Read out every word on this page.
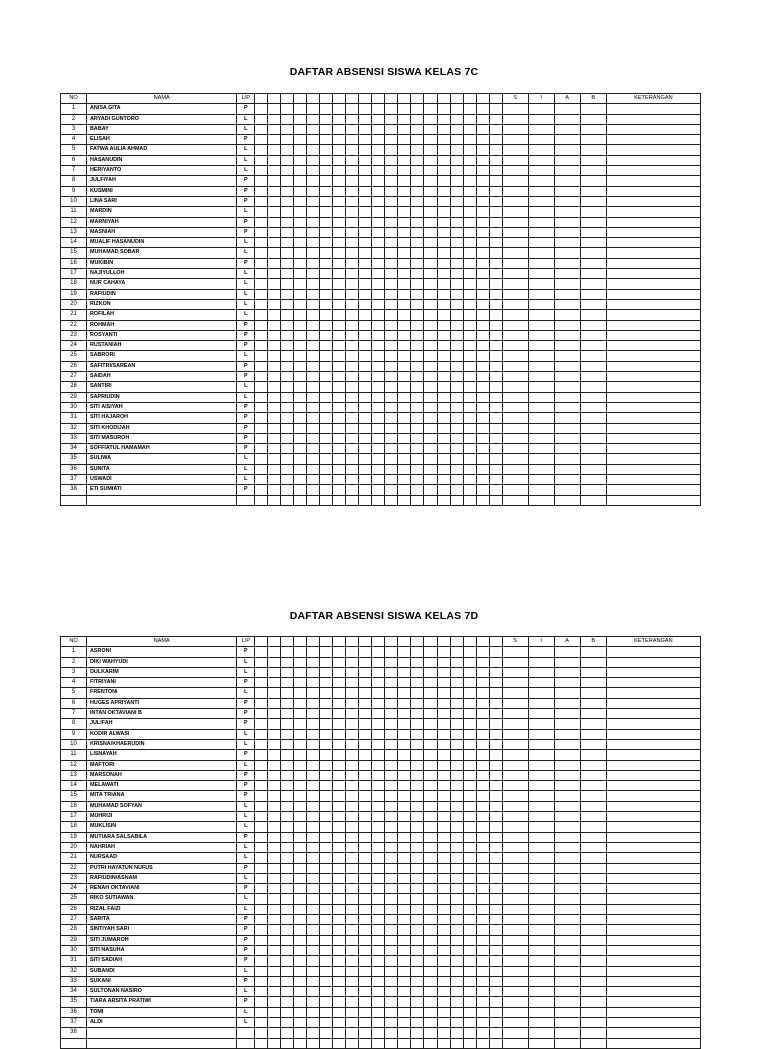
DAFTAR ABSENSI SISWA KELAS 7C
NO	NAMA	L/P																				S	I	A	B	KETERANGAN
1	ANISA GITA	P																								
2	ARYADI GUNTORO	L																								
3	BABAY	L																								
4	ELISAH	P																								
5	FATWA AULIA AHMAD	L																								
6	HASANUDIN	L																								
7	HERIYANTO	L																								
8	JULFIYAH	P																								
9	KUSMINI	P																								
10	LINA SARI	P																								
11	MARDIN	L																								
12	MARNIYAH	P																								
13	MASNIAH	P																								
14	MUALIF HASANUDIN	L																								
15	MUHAMAD SOBAR	L																								
16	MUKIBIN	P																								
17	NAJIYULLOH	L																								
18	NUR CAHAYA	L																								
19	RAFIUDIN	L																								
20	RIZKON	L																								
21	ROFILAH	L																								
22	ROHMAH	P																								
23	ROSYANTI	P																								
24	RUSTANIAH	P																								
25	SABRORI	L																								
26	SAFITRI/SAREAN	P																								
27	SAIDAH	P																								
28	SANTIRI	L																								
29	SAPRIUDIN	L																								
30	SITI AISIYAH	P																								
31	SITI HAJAROH	P																								
32	SITI KHODIJAH	P																								
33	SITI MASUROH	P																								
34	SOFFIATUL HAMAMAH	P																								
35	SULIWA	L																								
36	SUNITA	L																								
37	USWADI	L																								
38	ETI SUMIATI	P																								

DAFTAR ABSENSI SISWA KELAS 7D
NO	NAMA	L/P																				S	I	A	B	KETERANGAN
1	ASRONI	P																								
2	DIKI WAHYUDI	L																								
3	DULKARIM	L																								
4	FITRIYANI	P																								
5	FRENTONI	L																								
6	HUGES APRIYANTI	P																								
7	INTAN OKTAVIANI B	P																								
8	JULIFAH	P																								
9	KODIR ALWASI	L																								
10	KRISNA/KHAERUDIN	L																								
11	LISNAYAH	P																								
12	MAFTORI	L																								
13	MARSONAH	P																								
14	MELAWATI	P																								
15	MITA TRIANA	P																								
16	MUHAMAD SOFYAN	L																								
17	MUHRIJI	L																								
18	MUKLISIN	L																								
19	MUTIARA SALSABILA	P																								
20	NAHRIAH	L																								
21	NURSAAD	L																								
22	PUTRI HAYATUN NUFUS	P																								
23	RAFIUDIN/ASNAM	L																								
24	RENAH OKTAVIANI	P																								
25	RIKO SUTIAWAN	L																								
26	RIZAL FAIZI	L																								
27	SARITA	P																								
28	SINTIYAH SARI	P																								
29	SITI JUMAROH	P																								
30	SITI NASUHA	P																								
31	SITI SADIAH	P																								
32	SUBANDI	L																								
33	SUKANI	P																								
34	SULTONAN NASIRO	L																								
35	TIARA ARSITA PRATIWI	P																								
36	TOMI	L																								
37	ALDI	L																								
38																										
